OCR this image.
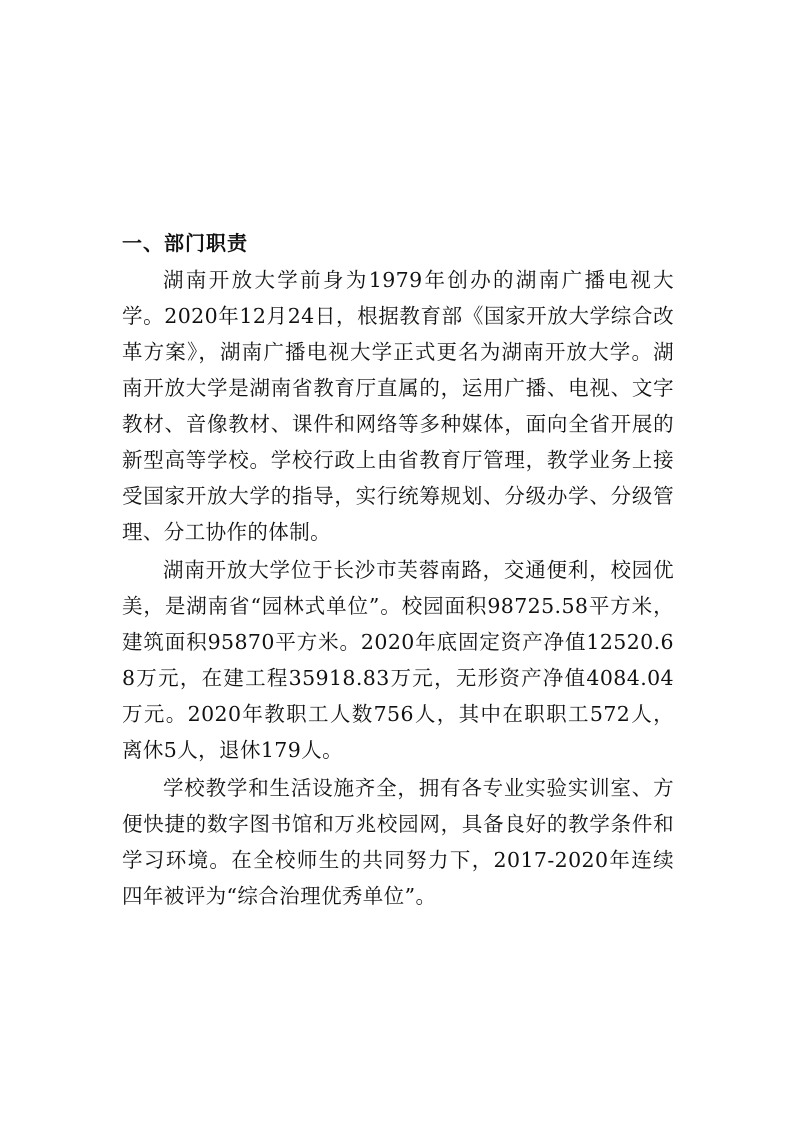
一、部门职责

湖南开放大学前身为1979年创办的湖南广播电视大学。2020年12月24日，根据教育部《国家开放大学综合改革方案》，湖南广播电视大学正式更名为湖南开放大学。湖南开放大学是湖南省教育厅直属的，运用广播、电视、文字教材、音像教材、课件和网络等多种媒体，面向全省开展的新型高等学校。学校行政上由省教育厅管理，教学业务上接受国家开放大学的指导，实行统筹规划、分级办学、分级管理、分工协作的体制。

湖南开放大学位于长沙市芙蓉南路，交通便利，校园优美，是湖南省“园林式单位”。校园面积98725.58平方米，建筑面积95870平方米。2020年底固定资产净值12520.68万元，在建工程35918.83万元，无形资产净值4084.04万元。2020年教职工人数756人，其中在职职工572人，离休5人，退休179人。

学校教学和生活设施齐全，拥有各专业实验实训室、方便快捷的数字图书馆和万兆校园网，具备良好的教学条件和学习环境。在全校师生的共同努力下，2017-2020年连续四年被评为“综合治理优秀单位”。
